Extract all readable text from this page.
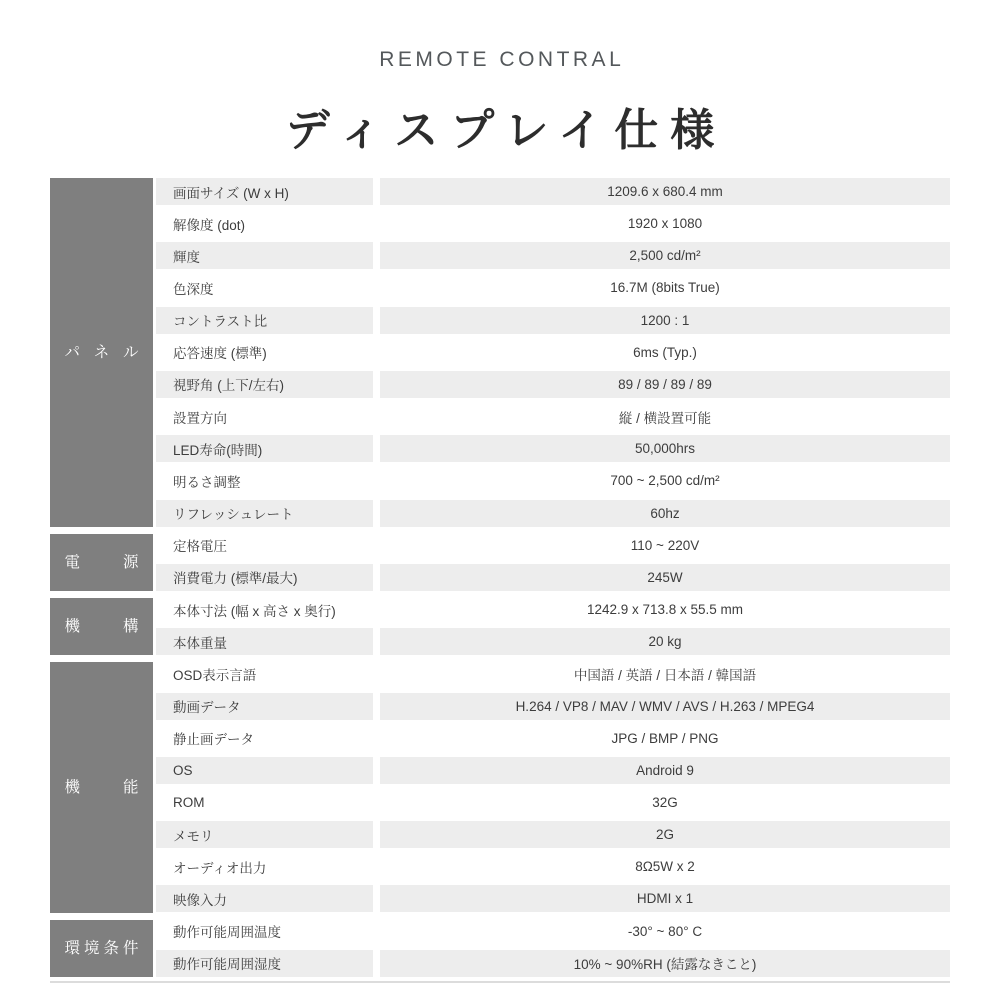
REMOTE CONTRAL
ディスプレイ仕様
パ ネ ル
画面サイズ (W x H)	1209.6 x 680.4 mm
解像度 (dot)	1920 x 1080
輝度	2,500 cd/m²
色深度	16.7M (8bits True)
コントラスト比	1200 : 1
応答速度 (標準)	6ms (Typ.)
視野角 (上下/左右)	89 / 89 / 89 / 89
設置方向	縦 / 横設置可能
LED寿命(時間)	50,000hrs
明るさ調整	700 ~ 2,500 cd/m²
リフレッシュレート	60hz
電	源
定格電圧	110 ~ 220V
消費電力 (標準/最大)	245W
機	構
本体寸法 (幅 x 高さ x 奥行)	1242.9 x 713.8 x 55.5 mm
本体重量	20 kg
機	能
OSD表示言語	中国語 / 英語 / 日本語 / 韓国語
動画データ	H.264 / VP8 / MAV / WMV / AVS / H.263 / MPEG4
静止画データ	JPG / BMP / PNG
OS	Android 9
ROM	32G
メモリ	2G
オーディオ出力	8Ω5W x 2
映像入力	HDMI x 1
環 境 条 件
動作可能周囲温度	-30° ~ 80° C
動作可能周囲湿度	10% ~ 90%RH (結露なきこと)
